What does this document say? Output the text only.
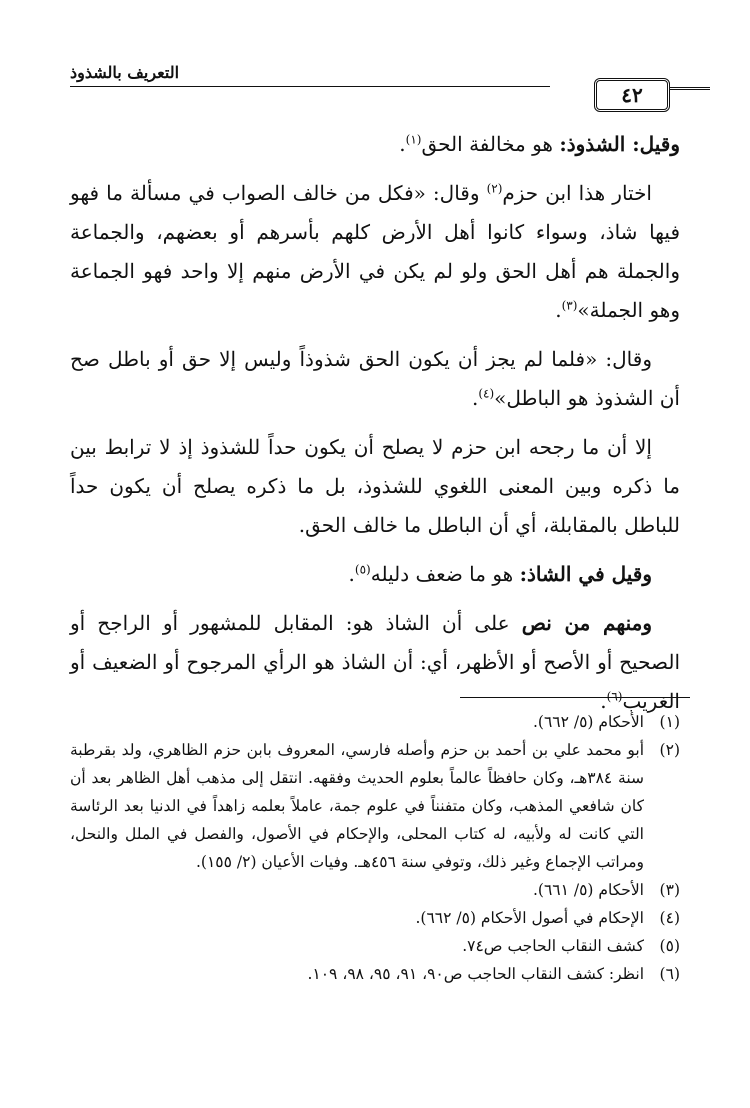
٤٢
التعريف بالشذوذ

وقيل: الشذوذ: هو مخالفة الحق$^{(١)}$.

اختار هذا ابن حزم$^{(٢)}$ وقال: «فكل من خالف الصواب في مسألة ما فهو فيها شاذ، وسواء كانوا أهل الأرض كلهم بأسرهم أو بعضهم، والجماعة والجملة هم أهل الحق ولو لم يكن في الأرض منهم إلا واحد فهو الجماعة وهو الجملة»$^{(٣)}$.

وقال: «فلما لم يجز أن يكون الحق شذوذاً وليس إلا حق أو باطل صح أن الشذوذ هو الباطل»$^{(٤)}$.

إلا أن ما رجحه ابن حزم لا يصلح أن يكون حداً للشذوذ إذ لا ترابط بين ما ذكره وبين المعنى اللغوي للشذوذ، بل ما ذكره يصلح أن يكون حداً للباطل بالمقابلة، أي أن الباطل ما خالف الحق.

وقيل في الشاذ: هو ما ضعف دليله$^{(٥)}$.

ومنهم من نص على أن الشاذ هو: المقابل للمشهور أو الراجح أو الصحيح أو الأصح أو الأظهر، أي: أن الشاذ هو الرأي المرجوح أو الضعيف أو الغريب$^{(٦)}$.

(١)
الأحكام (٥/ ٦٦٢).
(٢)
أبو محمد علي بن أحمد بن حزم وأصله فارسي، المعروف بابن حزم الظاهري، ولد بقرطبة سنة ٣٨٤هـ، وكان حافظاً عالماً بعلوم الحديث وفقهه. انتقل إلى مذهب أهل الظاهر بعد أن كان شافعي المذهب، وكان متفنناً في علوم جمة، عاملاً بعلمه زاهداً في الدنيا بعد الرئاسة التي كانت له ولأبيه، له كتاب المحلى، والإحكام في الأصول، والفصل في الملل والنحل، ومراتب الإجماع وغير ذلك، وتوفي سنة ٤٥٦هـ. وفيات الأعيان (٢/ ١٥٥).
(٣)
الأحكام (٥/ ٦٦١).
(٤)
الإحكام في أصول الأحكام (٥/ ٦٦٢).
(٥)
كشف النقاب الحاجب ص٧٤.
(٦)
انظر: كشف النقاب الحاجب ص٩٠، ٩١، ٩٥، ٩٨، ١٠٩.
